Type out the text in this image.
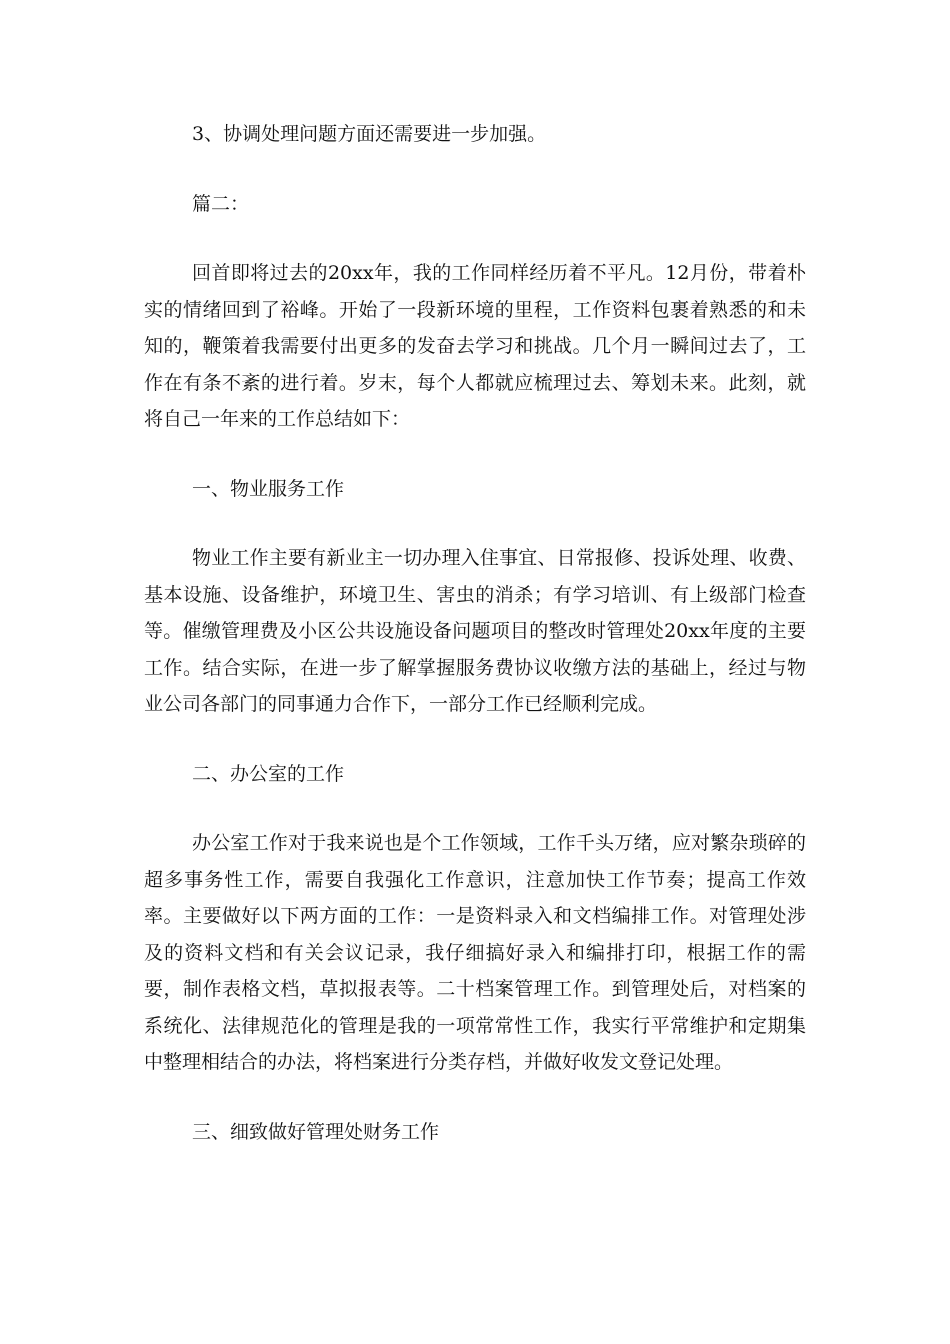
3、协调处理问题方面还需要进一步加强。

篇二：

回首即将过去的20xx年，我的工作同样经历着不平凡。12月份，带着朴实的情绪回到了裕峰。开始了一段新环境的里程，工作资料包裹着熟悉的和未知的，鞭策着我需要付出更多的发奋去学习和挑战。几个月一瞬间过去了，工作在有条不紊的进行着。岁末，每个人都就应梳理过去、筹划未来。此刻，就将自己一年来的工作总结如下：

一、物业服务工作

物业工作主要有新业主一切办理入住事宜、日常报修、投诉处理、收费、基本设施、设备维护，环境卫生、害虫的消杀；有学习培训、有上级部门检查等。催缴管理费及小区公共设施设备问题项目的整改时管理处20xx年度的主要工作。结合实际，在进一步了解掌握服务费协议收缴方法的基础上，经过与物业公司各部门的同事通力合作下，一部分工作已经顺利完成。

二、办公室的工作

办公室工作对于我来说也是个工作领域，工作千头万绪，应对繁杂琐碎的超多事务性工作，需要自我强化工作意识，注意加快工作节奏；提高工作效率。主要做好以下两方面的工作：一是资料录入和文档编排工作。对管理处涉及的资料文档和有关会议记录，我仔细搞好录入和编排打印，根据工作的需要，制作表格文档，草拟报表等。二十档案管理工作。到管理处后，对档案的系统化、法律规范化的管理是我的一项常常性工作，我实行平常维护和定期集中整理相结合的办法，将档案进行分类存档，并做好收发文登记处理。

三、细致做好管理处财务工作
